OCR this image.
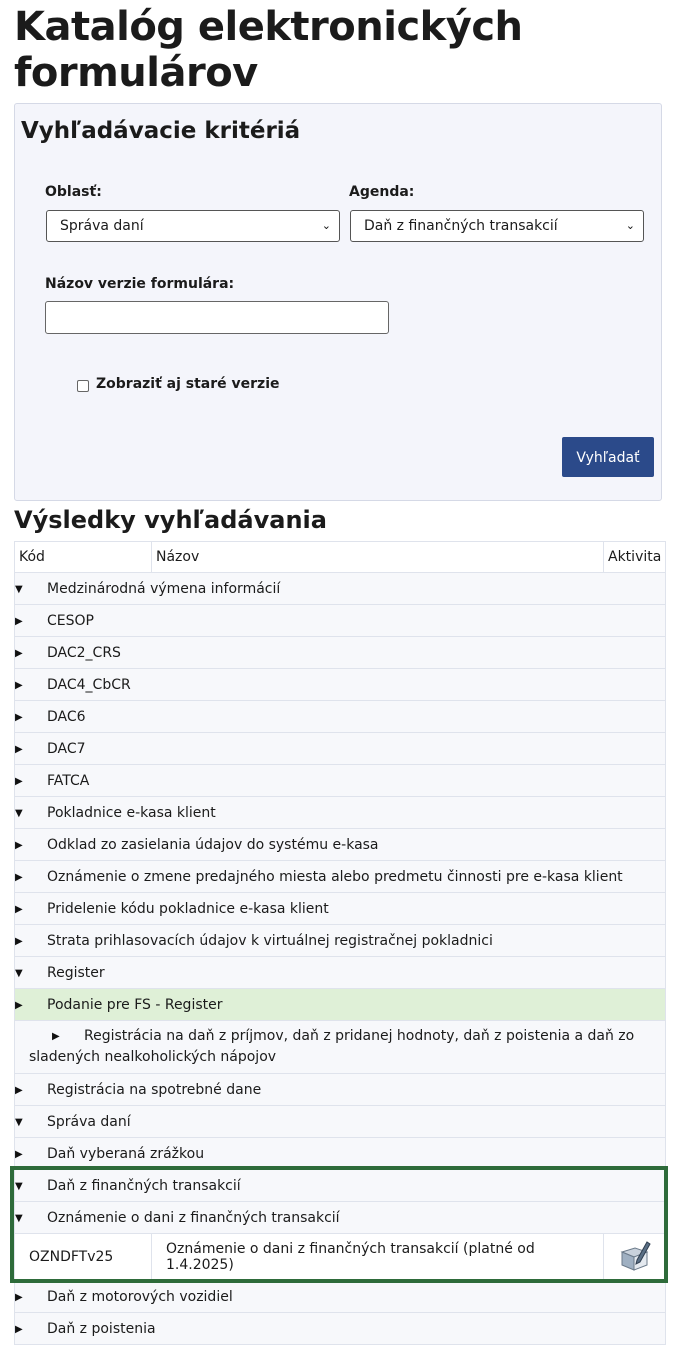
Katalóg elektronických formulárov
Vyhľadávacie kritériá
Oblasť:
Správa daní	⌄
Agenda:
Daň z finančných transakcií	⌄
Názov verzie formulára:
Zobraziť aj staré verzie
Vyhľadať
Výsledky vyhľadávania
Kód	Názov	Aktivita
▼ Medzinárodná výmena informácií		
▶ CESOP		
▶ DAC2_CRS		
▶ DAC4_CbCR		
▶ DAC6		
▶ DAC7		
▶ FATCA		
▼ Pokladnice e-kasa klient		
▶ Odklad zo zasielania údajov do systému e-kasa		
▶ Oznámenie o zmene predajného miesta alebo predmetu činnosti pre e-kasa klient		
▶ Pridelenie kódu pokladnice e-kasa klient		
▶ Strata prihlasovacích údajov k virtuálnej registračnej pokladnici		
▼ Register		
▶ Podanie pre FS - Register		
▶ Registrácia na daň z príjmov, daň z pridanej hodnoty, daň z poistenia a daň zo sladených nealkoholických nápojov		
▶ Registrácia na spotrebné dane		
▼ Správa daní		
▶ Daň vyberaná zrážkou		
▼ Daň z finančných transakcií		
▼ Oznámenie o dani z finančných transakcií		
OZNDFTv25	Oznámenie o dani z finančných transakcií (platné od 1.4.2025)	
▶ Daň z motorových vozidiel		
▶ Daň z poistenia		
